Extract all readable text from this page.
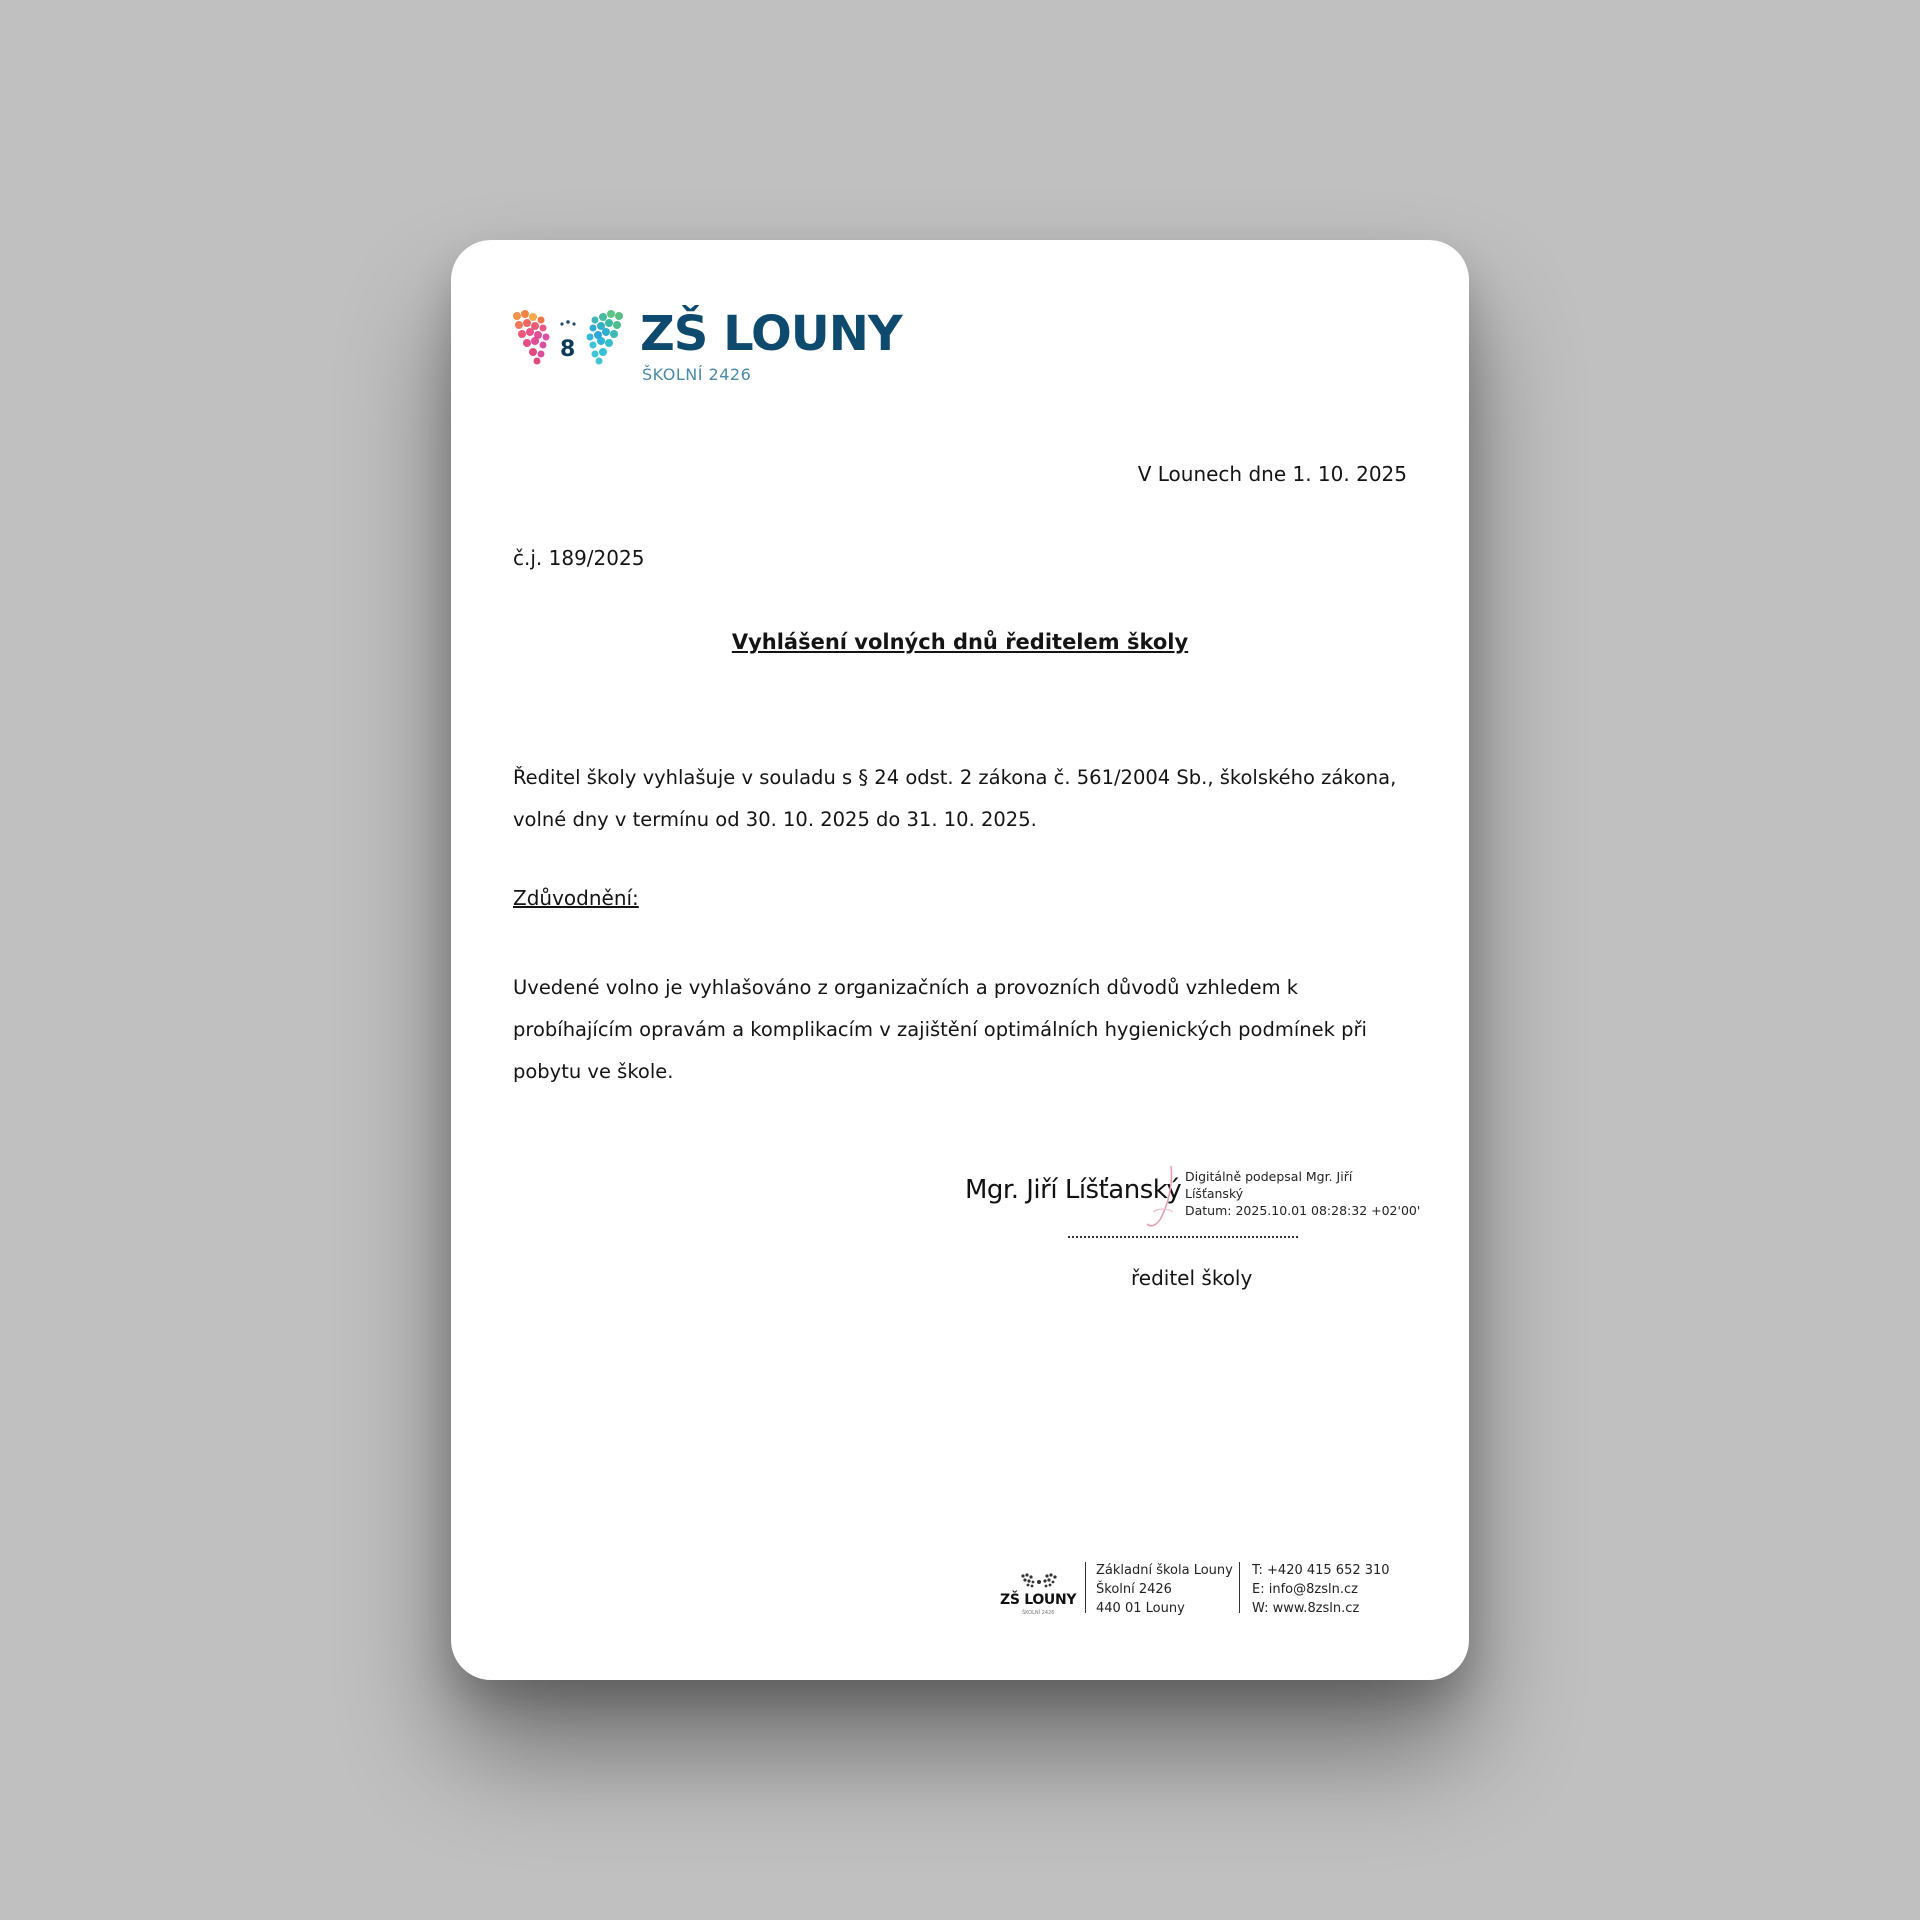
8 ZŠ LOUNY
ŠKOLNÍ 2426
V Lounech dne 1. 10. 2025
č.j. 189/2025
Vyhlášení volných dnů ředitelem školy
Ředitel školy vyhlašuje v souladu s § 24 odst. 2 zákona č. 561/2004 Sb., školského zákona, volné dny v termínu od 30. 10. 2025 do 31. 10. 2025.
Zdůvodnění:
Uvedené volno je vyhlašováno z organizačních a provozních důvodů vzhledem k probíhajícím opravám a komplikacím v zajištění optimálních hygienických podmínek při pobytu ve škole.
Mgr. Jiří Líšťanský Digitálně podepsal Mgr. Jiří
Líšťanský
Datum: 2025.10.01 08:28:32 +02'00'
ředitel školy
ZŠ LOUNY
ŠKOLNÍ 2426
Základní škola Louny
Školní 2426
440 01 Louny
T: +420 415 652 310
E: info@8zsln.cz
W: www.8zsln.cz
